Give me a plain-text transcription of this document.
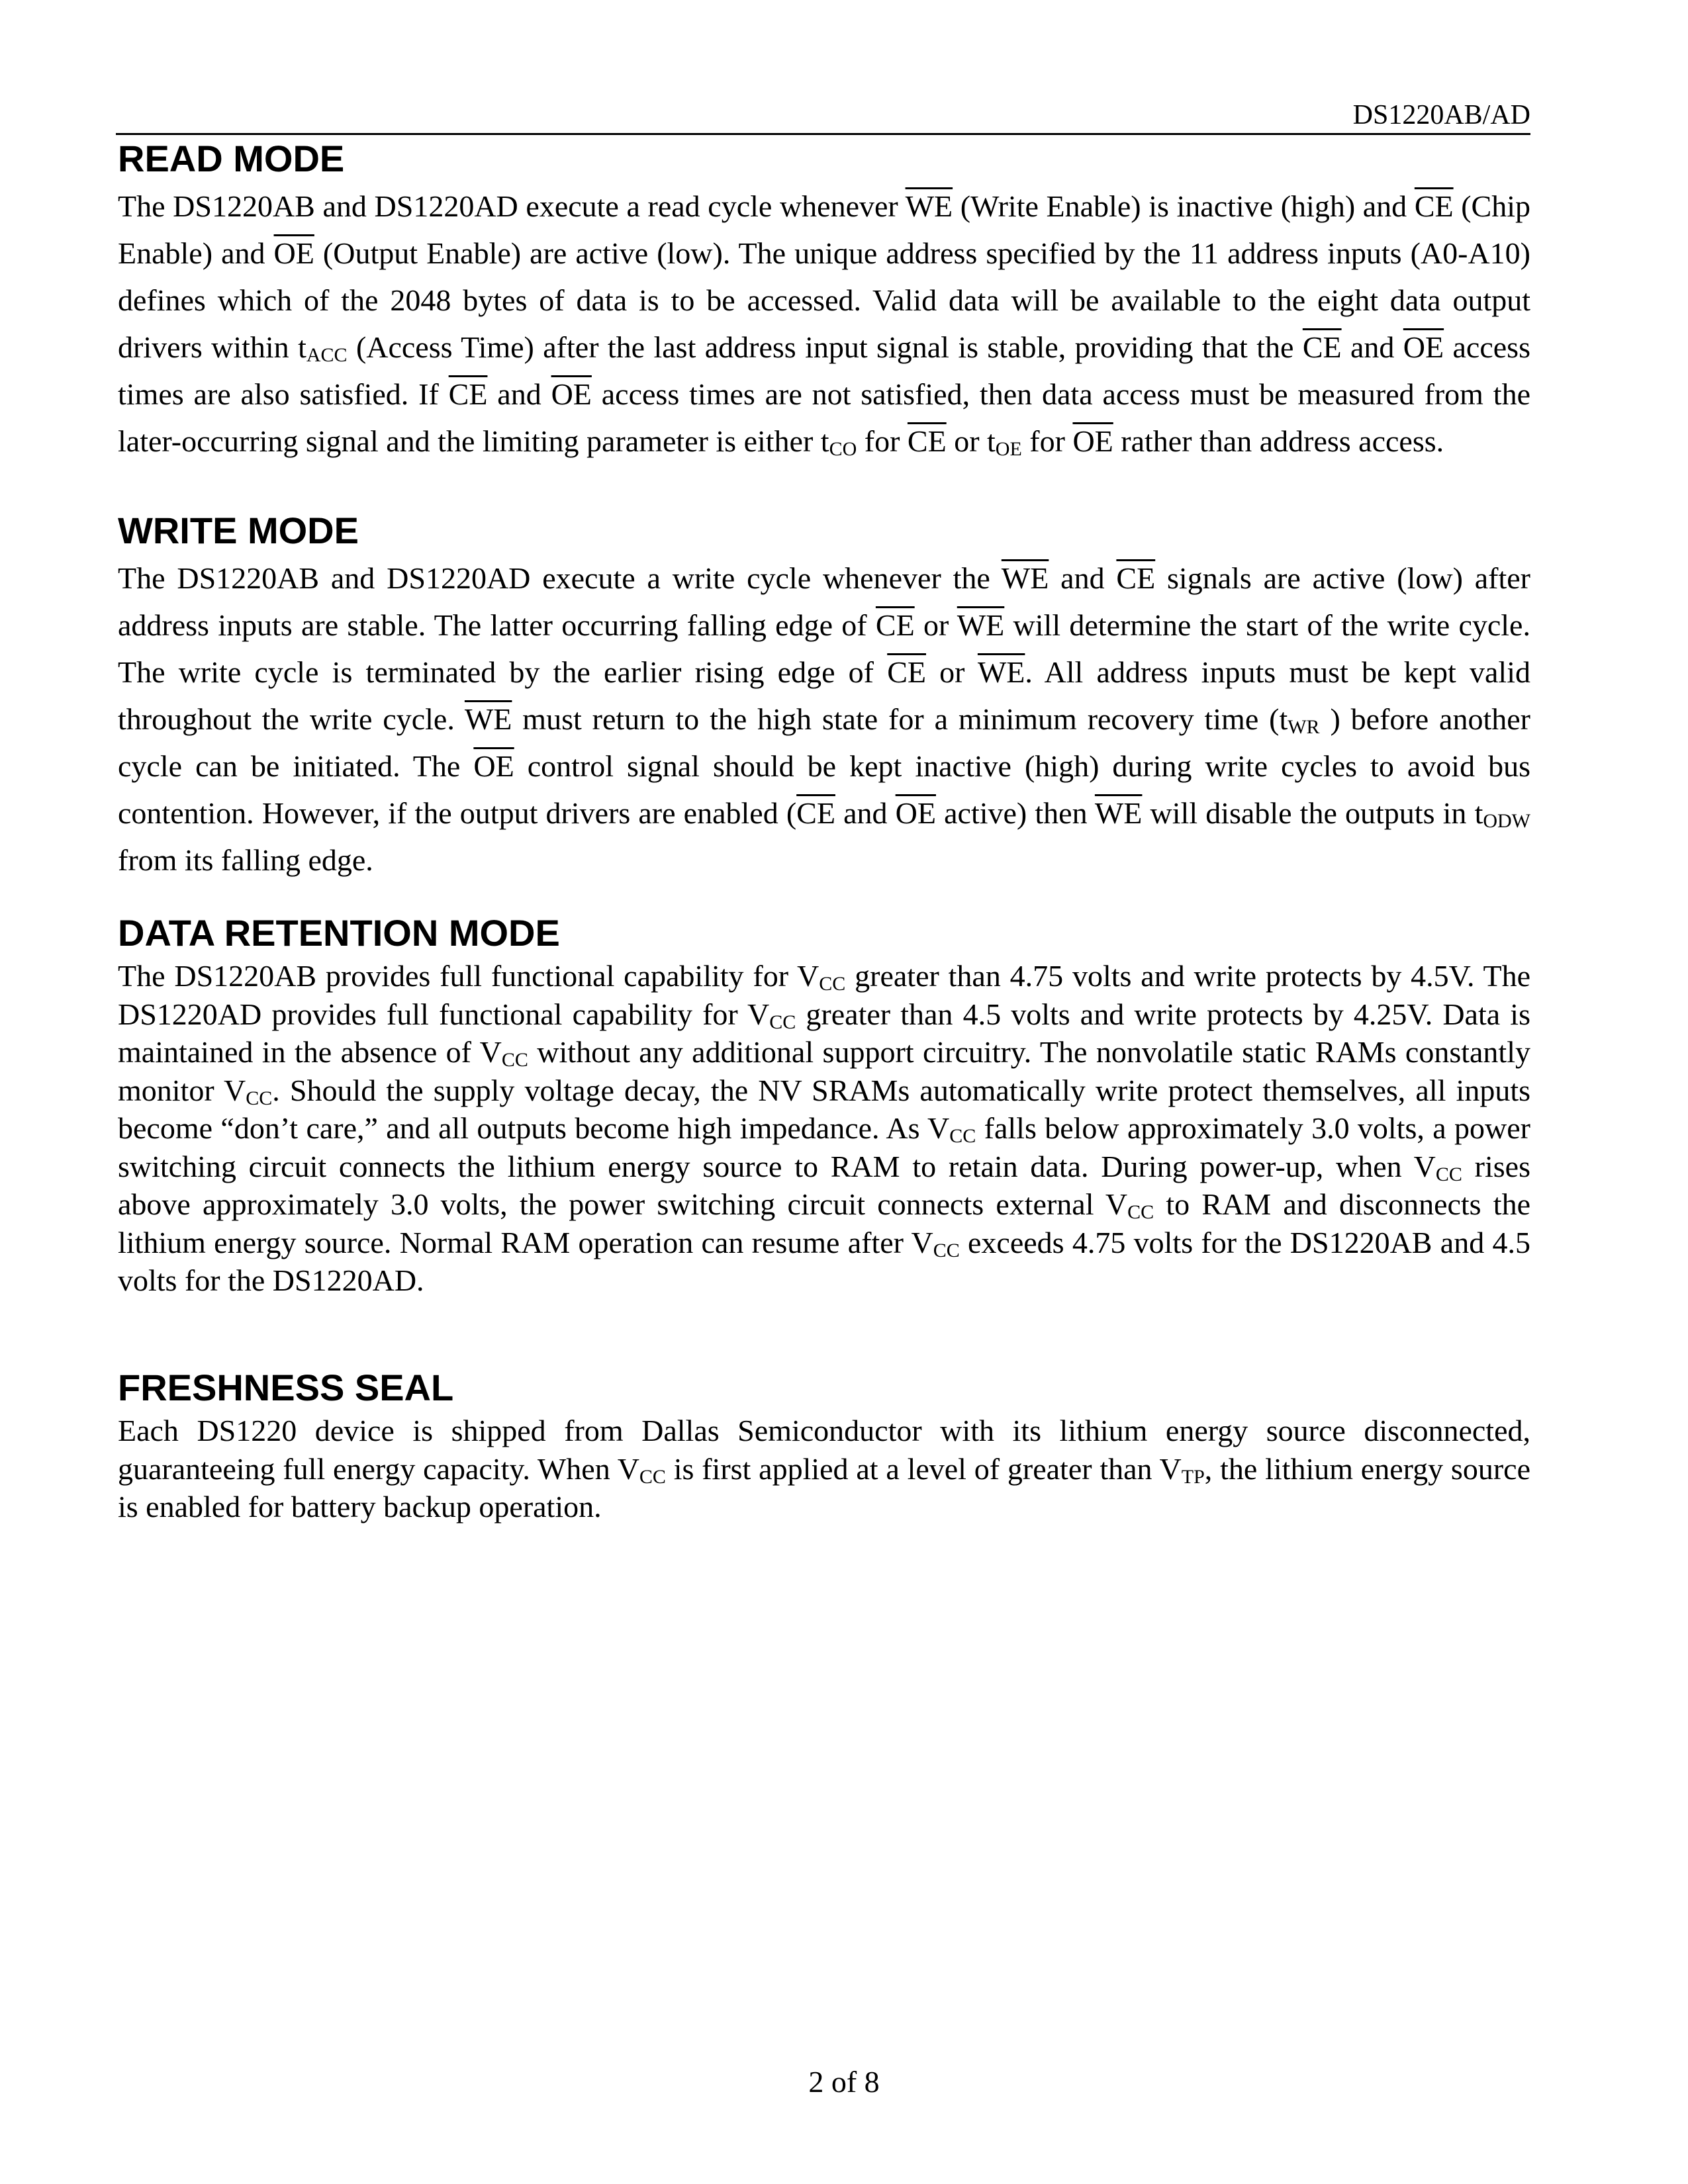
DS1220AB/AD
READ MODE

The DS1220AB and DS1220AD execute a read cycle whenever $\overline{WE}$ (Write Enable) is inactive (high) and $\overline{CE}$ (Chip Enable) and $\overline{OE}$ (Output Enable) are active (low). The unique address specified by the 11 address inputs (A0-A10) defines which of the 2048 bytes of data is to be accessed. Valid data will be available to the eight data output drivers within $t_{ACC}$ (Access Time) after the last address input signal is stable, providing that the $\overline{CE}$ and $\overline{OE}$ access times are also satisfied. If $\overline{CE}$ and $\overline{OE}$ access times are not satisfied, then data access must be measured from the later-occurring signal and the limiting parameter is either $t_{CO}$ for $\overline{CE}$ or $t_{OE}$ for $\overline{OE}$ rather than address access.

WRITE MODE

The DS1220AB and DS1220AD execute a write cycle whenever the $\overline{WE}$ and $\overline{CE}$ signals are active (low) after address inputs are stable. The latter occurring falling edge of $\overline{CE}$ or $\overline{WE}$ will determine the start of the write cycle. The write cycle is terminated by the earlier rising edge of $\overline{CE}$ or $\overline{WE}$. All address inputs must be kept valid throughout the write cycle. $\overline{WE}$ must return to the high state for a minimum recovery time ($t_{WR}$ ) before another cycle can be initiated. The $\overline{OE}$ control signal should be kept inactive (high) during write cycles to avoid bus contention. However, if the output drivers are enabled ($\overline{CE}$ and $\overline{OE}$ active) then $\overline{WE}$ will disable the outputs in $t_{ODW}$ from its falling edge.

DATA RETENTION MODE

The DS1220AB provides full functional capability for $V_{CC}$ greater than 4.75 volts and write protects by 4.5V. The DS1220AD provides full functional capability for $V_{CC}$ greater than 4.5 volts and write protects by 4.25V. Data is maintained in the absence of $V_{CC}$ without any additional support circuitry. The nonvolatile static RAMs constantly monitor $V_{CC}$. Should the supply voltage decay, the NV SRAMs automatically write protect themselves, all inputs become “don’t care,” and all outputs become high impedance. As $V_{CC}$ falls below approximately 3.0 volts, a power switching circuit connects the lithium energy source to RAM to retain data. During power-up, when $V_{CC}$ rises above approximately 3.0 volts, the power switching circuit connects external $V_{CC}$ to RAM and disconnects the lithium energy source. Normal RAM operation can resume after $V_{CC}$ exceeds 4.75 volts for the DS1220AB and 4.5 volts for the DS1220AD.

FRESHNESS SEAL

Each DS1220 device is shipped from Dallas Semiconductor with its lithium energy source disconnected, guaranteeing full energy capacity. When $V_{CC}$ is first applied at a level of greater than $V_{TP}$, the lithium energy source is enabled for battery backup operation.

2 of 8
